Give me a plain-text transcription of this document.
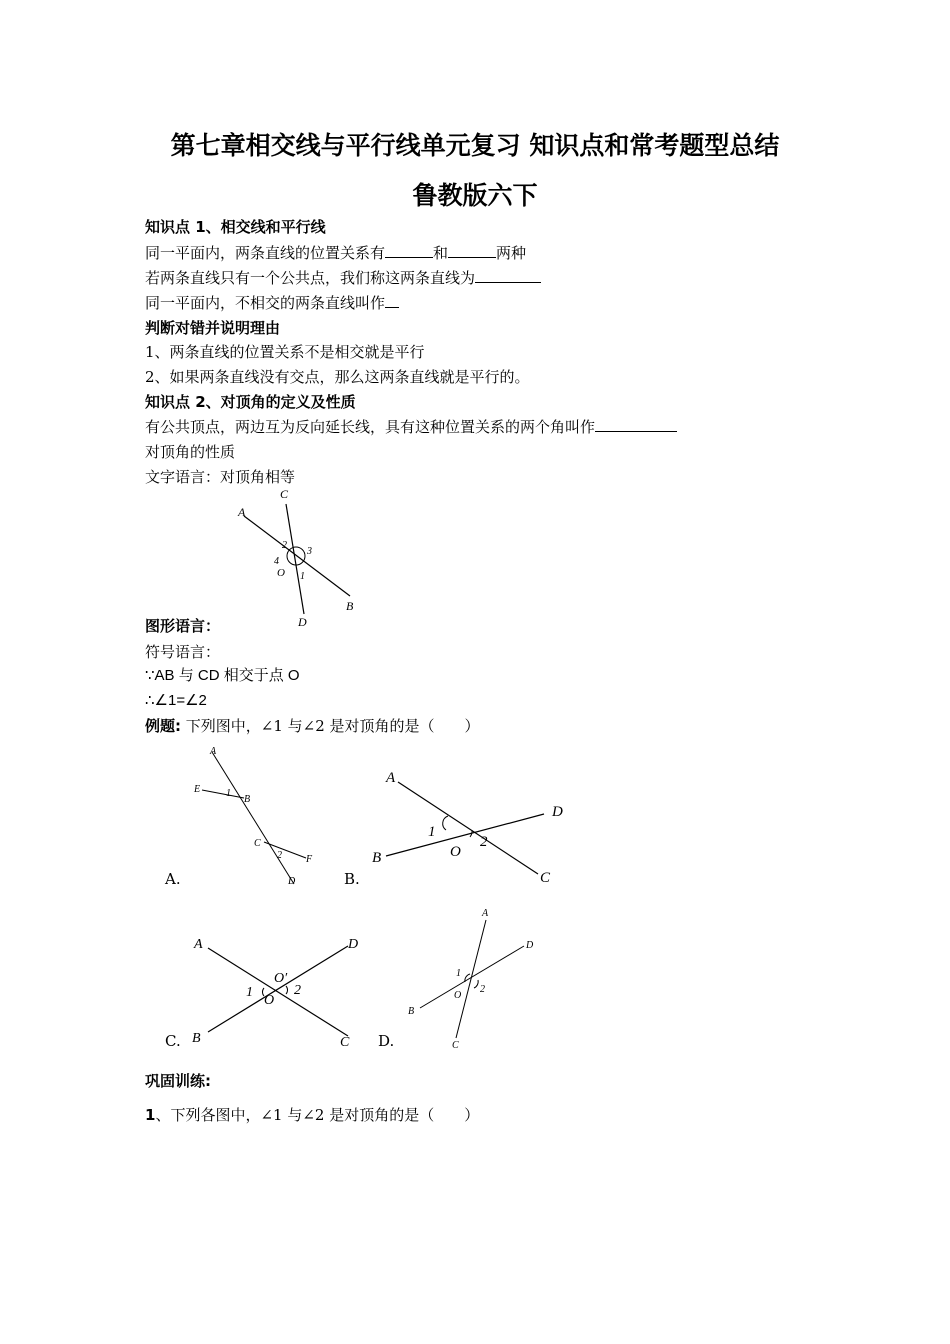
第七章相交线与平行线单元复习 知识点和常考题型总结
鲁教版六下
知识点 1、相交线和平行线
同一平面内，两条直线的位置关系有	和	两种
若两条直线只有一个公共点，我们称这两条直线为
同一平面内，不相交的两条直线叫作
判断对错并说明理由
1、两条直线的位置关系不是相交就是平行
2、如果两条直线没有交点，那么这两条直线就是平行的。
知识点 2、对顶角的定义及性质
有公共顶点，两边互为反向延长线，具有这种位置关系的两个角叫作
对顶角的性质
文字语言：对顶角相等
A
B
C
D
O 1
2
3
4
图形语言：
符号语言：
∵AB 与 CD 相交于点 O
∴∠1=∠2
例题: 下列图中，∠1 与∠2 是对顶角的是（　　）
A
B
C
D
E
F
1
2
A.
A
B
C
D
O
1
2
B.
A
B	C
D
O
O′
1	2
C.
A
B
C
D
O
1
2
D.
巩固训练:
1、下列各图中，∠1 与∠2 是对顶角的是（　　）
